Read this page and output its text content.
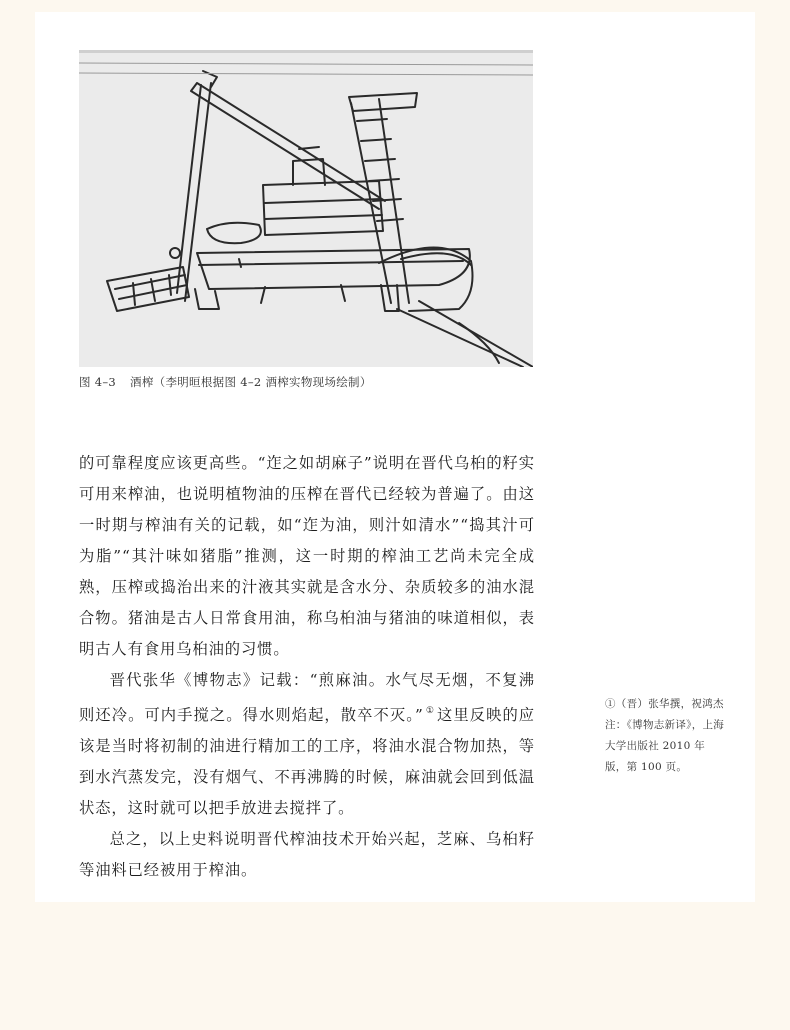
图 4–3 酒榨（李明晅根据图 4–2 酒榨实物现场绘制）

的可靠程度应该更高些。“迮之如胡麻子”说明在晋代乌桕的籽实可用来榨油，也说明植物油的压榨在晋代已经较为普遍了。由这一时期与榨油有关的记载，如“迮为油，则汁如清水”“捣其汁可为脂”“其汁味如猪脂”推测，这一时期的榨油工艺尚未完全成熟，压榨或捣治出来的汁液其实就是含水分、杂质较多的油水混合物。猪油是古人日常食用油，称乌桕油与猪油的味道相似，表明古人有食用乌桕油的习惯。

晋代张华《博物志》记载：“煎麻油。水气尽无烟，不复沸则还冷。可内手搅之。得水则焰起，散卒不灭。” ① 这里反映的应该是当时将初制的油进行精加工的工序，将油水混合物加热，等到水汽蒸发完，没有烟气、不再沸腾的时候，麻油就会回到低温状态，这时就可以把手放进去搅拌了。

总之，以上史料说明晋代榨油技术开始兴起，芝麻、乌桕籽等油料已经被用于榨油。

①（晋）张华撰，祝鸿杰注：《博物志新译》，上海大学出版社 2010 年版，第 100 页。
